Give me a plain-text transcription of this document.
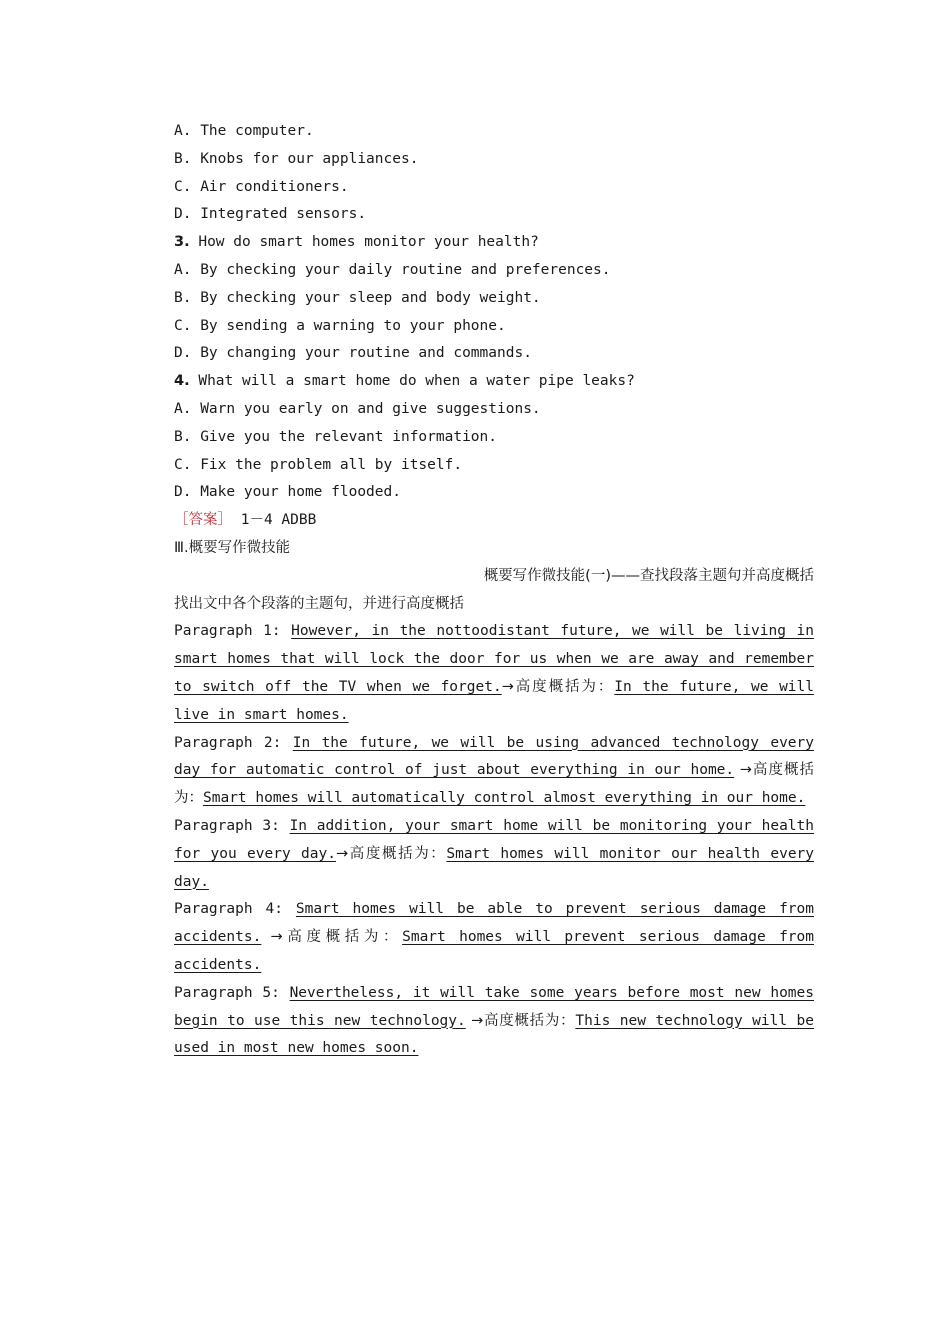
A. The computer.
B. Knobs for our appliances.
C. Air conditioners.
D. Integrated sensors.
3. How do smart homes monitor your health?
A. By checking your daily routine and preferences.
B. By checking your sleep and body weight.
C. By sending a warning to your phone.
D. By changing your routine and commands.
4. What will a smart home do when a water pipe leaks?
A. Warn you early on and give suggestions.
B. Give you the relevant information.
C. Fix the problem all by itself.
D. Make your home flooded.
［答案］ 1－4 ADBB
Ⅲ.概要写作微技能
概要写作微技能(一)——查找段落主题句并高度概括
找出文中各个段落的主题句，并进行高度概括
Paragraph 1: However, in the nottoodistant future, we will be living in smart homes that will lock the door for us when we are away and remember to switch off the TV when we forget.→高度概括为：In the future, we will live in smart homes.
Paragraph 2: In the future, we will be using advanced technology every day for automatic control of just about everything in our home. →高度概括为：Smart homes will automatically control almost everything in our home.
Paragraph 3: In addition, your smart home will be monitoring your health for you every day.→高度概括为：Smart homes will monitor our health every day.
Paragraph 4: Smart homes will be able to prevent serious damage from accidents. →高度概括为：Smart homes will prevent serious damage from accidents.
Paragraph 5: Nevertheless, it will take some years before most new homes begin to use this new technology. →高度概括为：This new technology will be used in most new homes soon.
